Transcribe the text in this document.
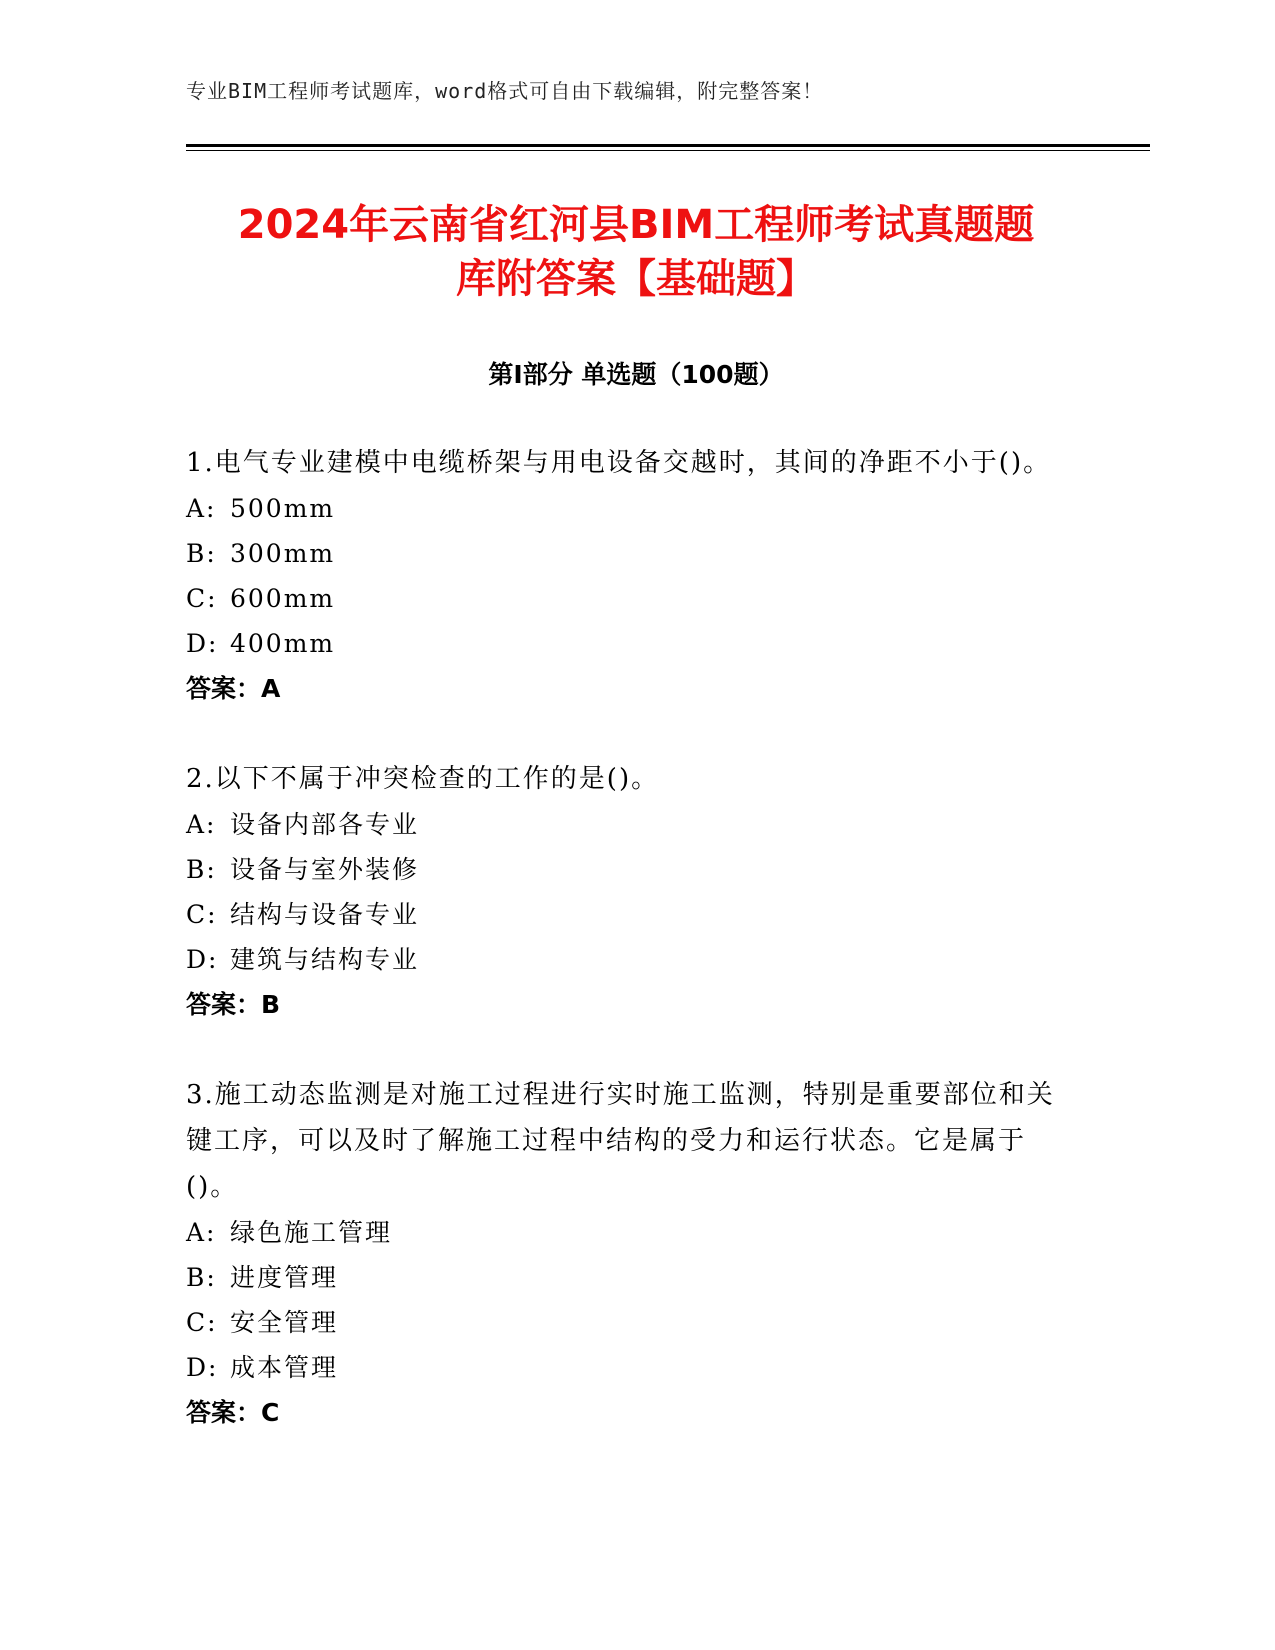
专业BIM工程师考试题库，word格式可自由下载编辑，附完整答案！
2024年云南省红河县BIM工程师考试真题题
库附答案【基础题】
第Ⅰ部分 单选题（100题）
1.电气专业建模中电缆桥架与用电设备交越时，其间的净距不小于()。
A: 500mm
B: 300mm
C: 600mm
D: 400mm
答案：A
2.以下不属于冲突检查的工作的是()。
A: 设备内部各专业
B: 设备与室外装修
C: 结构与设备专业
D: 建筑与结构专业
答案：B
3.施工动态监测是对施工过程进行实时施工监测，特别是重要部位和关键工序，可以及时了解施工过程中结构的受力和运行状态。它是属于()。
A: 绿色施工管理
B: 进度管理
C: 安全管理
D: 成本管理
答案：C
